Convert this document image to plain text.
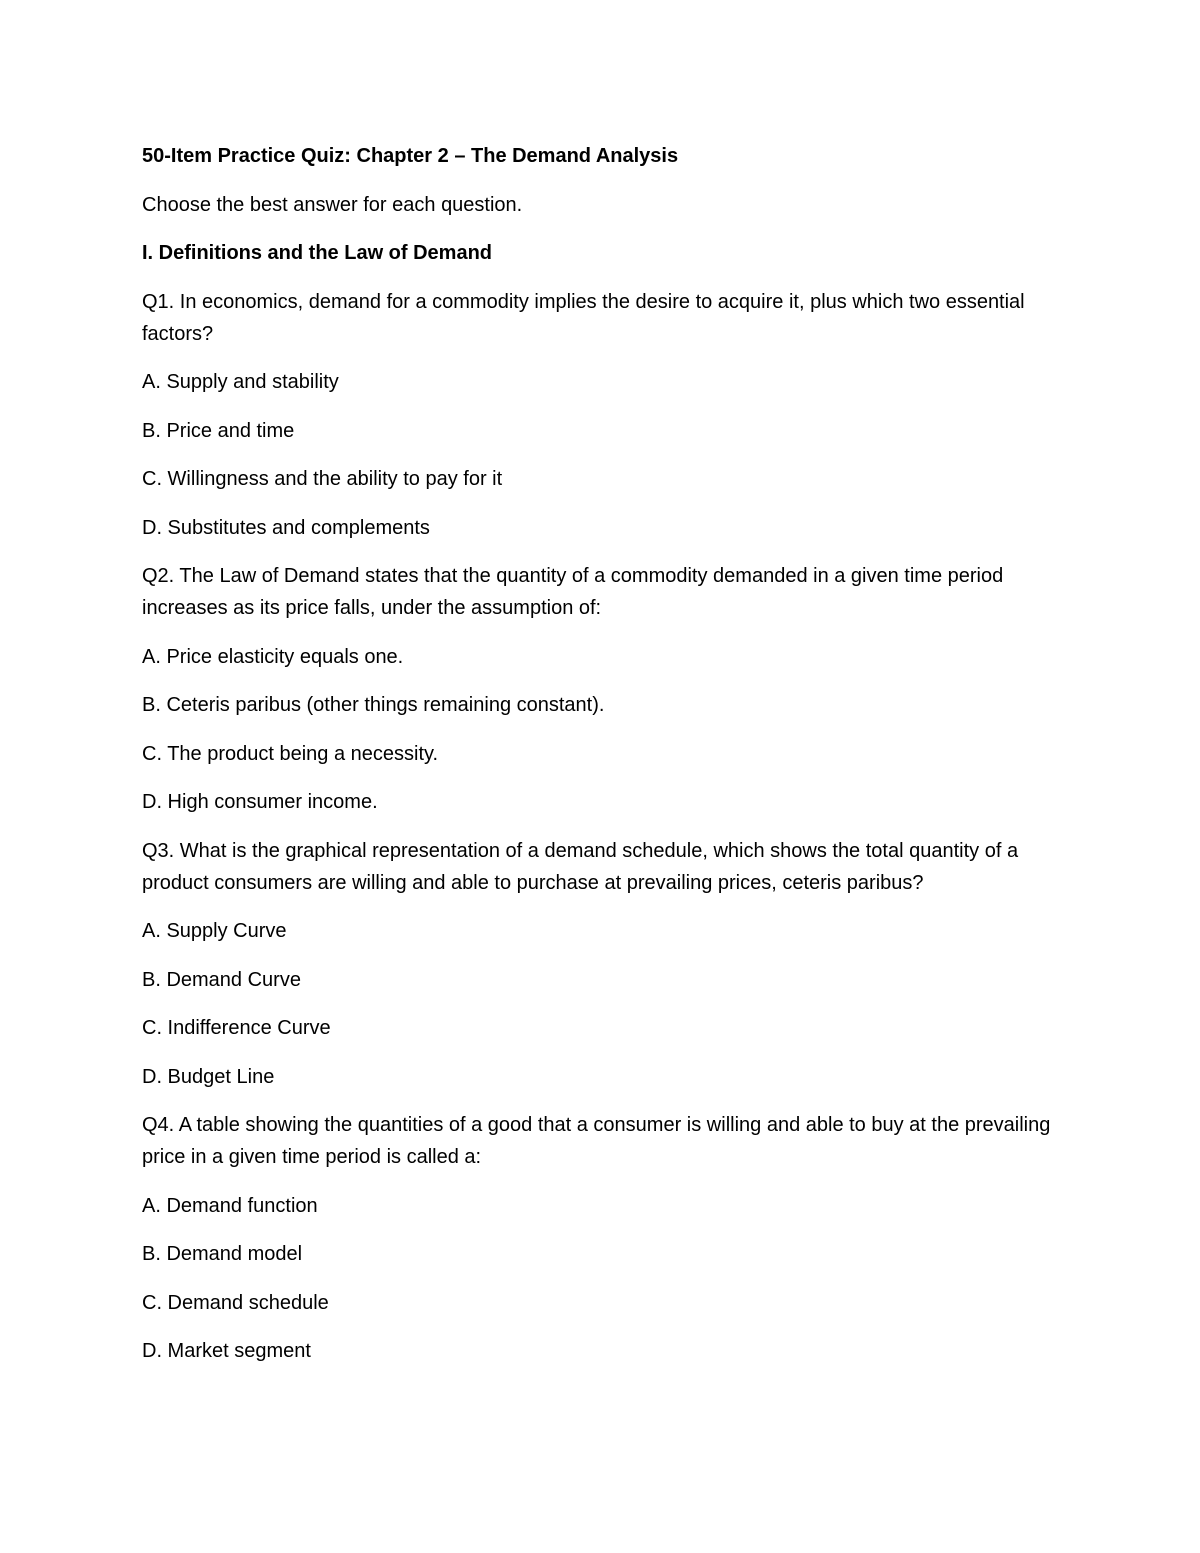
50-Item Practice Quiz: Chapter 2 – The Demand Analysis
Choose the best answer for each question.
I. Definitions and the Law of Demand
Q1. In economics, demand for a commodity implies the desire to acquire it, plus which two essential factors?
A. Supply and stability
B. Price and time
C. Willingness and the ability to pay for it
D. Substitutes and complements
Q2. The Law of Demand states that the quantity of a commodity demanded in a given time period increases as its price falls, under the assumption of:
A. Price elasticity equals one.
B. Ceteris paribus (other things remaining constant).
C. The product being a necessity.
D. High consumer income.
Q3. What is the graphical representation of a demand schedule, which shows the total quantity of a product consumers are willing and able to purchase at prevailing prices, ceteris paribus?
A. Supply Curve
B. Demand Curve
C. Indifference Curve
D. Budget Line
Q4. A table showing the quantities of a good that a consumer is willing and able to buy at the prevailing price in a given time period is called a:
A. Demand function
B. Demand model
C. Demand schedule
D. Market segment
